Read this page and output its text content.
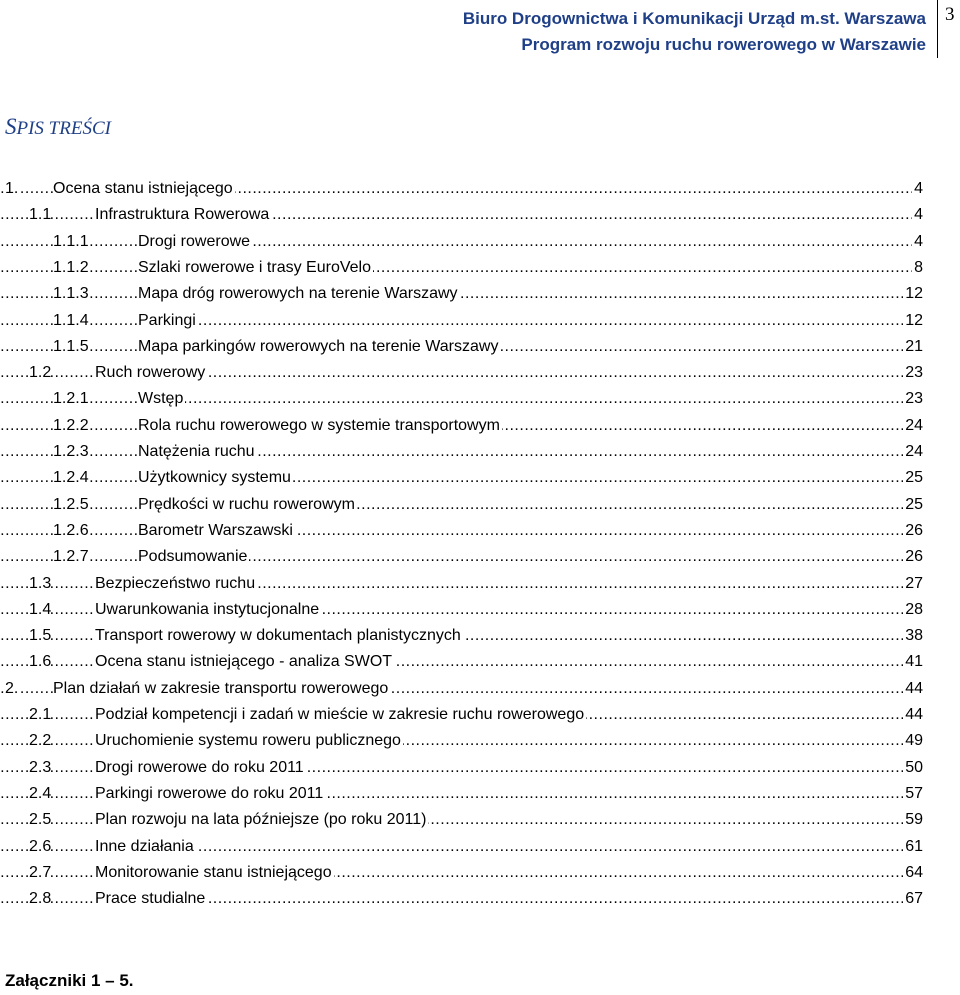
Biuro Drogownictwa i Komunikacji Urząd m.st. Warszawa
Program rozwoju ruchu rowerowego w Warszawie
3
SPIS TREŚCI
.....
1. Ocena stanu istniejącego	4
.....
1.1	Infrastruktura Rowerowa	4
.....
1.1.1	Drogi rowerowe	4
.....
1.1.2	Szlaki rowerowe i trasy EuroVelo	8
.....
1.1.3	Mapa dróg rowerowych na terenie Warszawy	12
.....
1.1.4	Parkingi	12
.....
1.1.5	Mapa parkingów rowerowych na terenie Warszawy	21
.....
1.2	Ruch rowerowy	23
.....
1.2.1	Wstęp	23
.....
1.2.2	Rola ruchu rowerowego w systemie transportowym	24
.....
1.2.3	Natężenia ruchu	24
.....
1.2.4	Użytkownicy systemu	25
.....
1.2.5	Prędkości w ruchu rowerowym	25
.....
1.2.6	Barometr Warszawski	26
.....
1.2.7	Podsumowanie	26
.....
1.3	Bezpieczeństwo ruchu	27
.....
1.4	Uwarunkowania instytucjonalne	28
.....
1.5	Transport rowerowy w dokumentach planistycznych	38
.....
1.6	Ocena stanu istniejącego - analiza SWOT	41
.....
2. Plan działań w zakresie transportu rowerowego	44
.....
2.1	Podział kompetencji i zadań w mieście w zakresie ruchu rowerowego	44
.....
2.2	Uruchomienie systemu roweru publicznego	49
.....
2.3	Drogi rowerowe do roku 2011	50
.....
2.4	Parkingi rowerowe do roku 2011	57
.....
2.5	Plan rozwoju na lata późniejsze (po roku 2011)	59
.....
2.6	Inne działania	61
.....
2.7	Monitorowanie stanu istniejącego	64
.....
2.8	Prace studialne	67
Załączniki 1 – 5.
